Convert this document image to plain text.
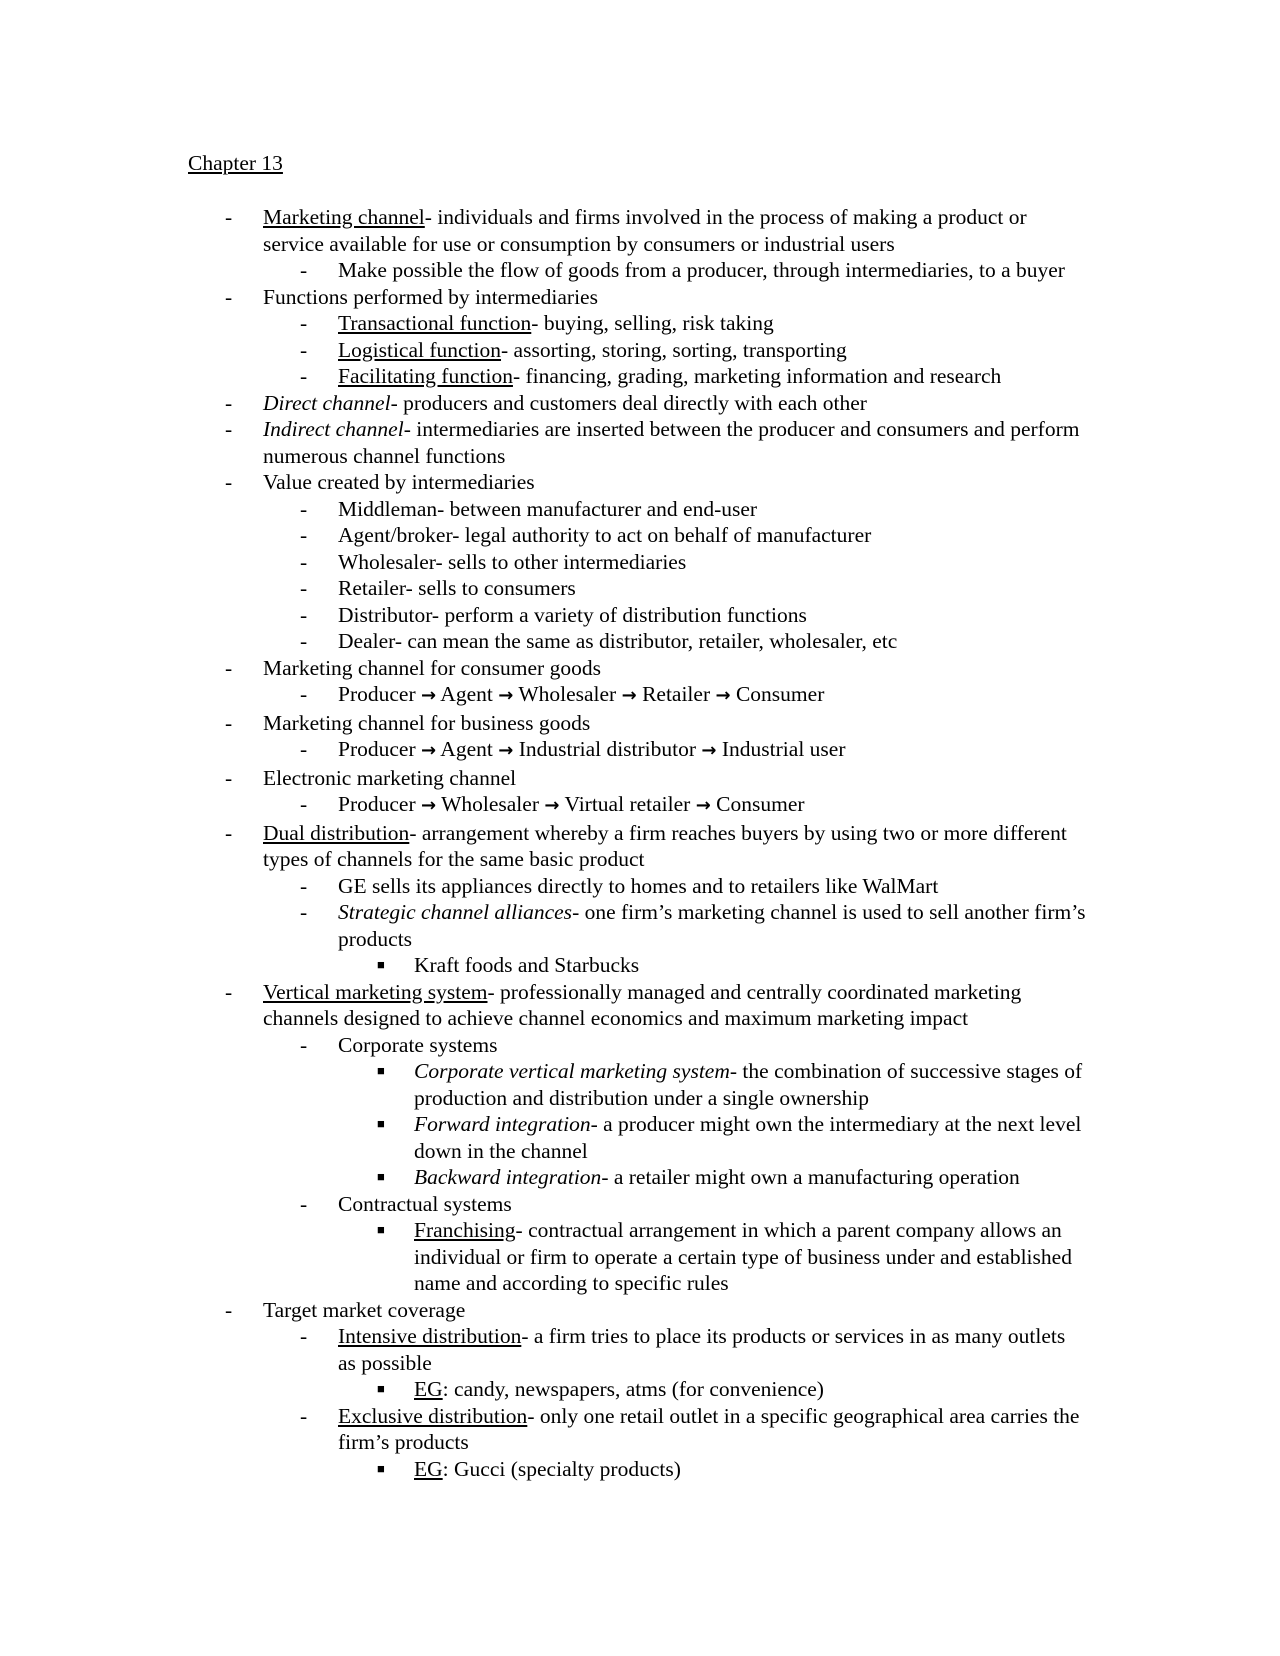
Chapter 13
- Marketing channel- individuals and firms involved in the process of making a product or service available for use or consumption by consumers or industrial users
- Make possible the flow of goods from a producer, through intermediaries, to a buyer
- Functions performed by intermediaries
- Transactional function- buying, selling, risk taking
- Logistical function- assorting, storing, sorting, transporting
- Facilitating function- financing, grading, marketing information and research
- Direct channel- producers and customers deal directly with each other
- Indirect channel- intermediaries are inserted between the producer and consumers and perform numerous channel functions
- Value created by intermediaries
- Middleman- between manufacturer and end-user
- Agent/broker- legal authority to act on behalf of manufacturer
- Wholesaler- sells to other intermediaries
- Retailer- sells to consumers
- Distributor- perform a variety of distribution functions
- Dealer- can mean the same as distributor, retailer, wholesaler, etc
- Marketing channel for consumer goods
- Producer → Agent → Wholesaler → Retailer → Consumer
- Marketing channel for business goods
- Producer → Agent → Industrial distributor → Industrial user
- Electronic marketing channel
- Producer → Wholesaler → Virtual retailer → Consumer
- Dual distribution- arrangement whereby a firm reaches buyers by using two or more different types of channels for the same basic product
- GE sells its appliances directly to homes and to retailers like WalMart
- Strategic channel alliances- one firm’s marketing channel is used to sell another firm’s products
■ Kraft foods and Starbucks
- Vertical marketing system- professionally managed and centrally coordinated marketing channels designed to achieve channel economics and maximum marketing impact
- Corporate systems
■ Corporate vertical marketing system- the combination of successive stages of production and distribution under a single ownership
■ Forward integration- a producer might own the intermediary at the next level down in the channel
■ Backward integration- a retailer might own a manufacturing operation
- Contractual systems
■ Franchising- contractual arrangement in which a parent company allows an individual or firm to operate a certain type of business under and established name and according to specific rules
- Target market coverage
- Intensive distribution- a firm tries to place its products or services in as many outlets as possible
■ EG: candy, newspapers, atms (for convenience)
- Exclusive distribution- only one retail outlet in a specific geographical area carries the firm’s products
■ EG: Gucci (specialty products)
